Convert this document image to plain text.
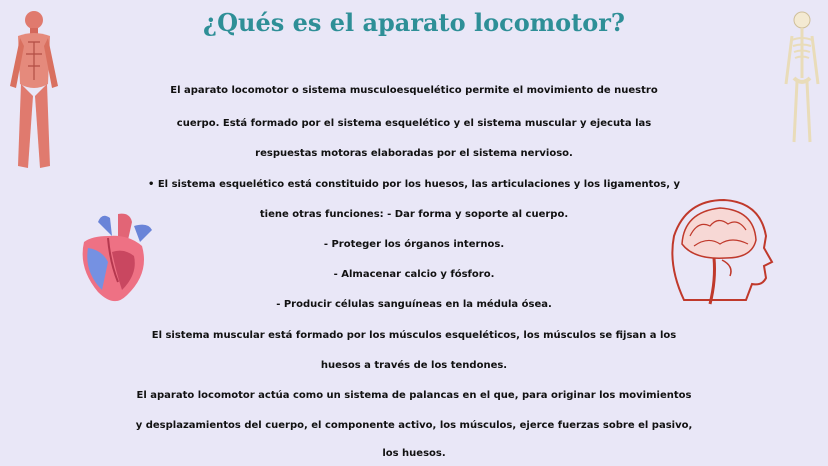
¿Qués es el aparato locomotor?
El aparato locomotor o sistema musculoesquelético permite el movimiento de nuestro
cuerpo. Está formado por el sistema esquelético y el sistema muscular y ejecuta las
respuestas motoras elaboradas por el sistema nervioso.
• El sistema esquelético está constituido por los huesos, las articulaciones y los ligamentos, y
tiene otras funciones: - Dar forma y soporte al cuerpo.
- Proteger los órganos internos.
- Almacenar calcio y fósforo.
- Producir células sanguíneas en la médula ósea.
El sistema muscular está formado por los músculos esqueléticos, los músculos se fijsan a los
huesos a través de los tendones.
El aparato locomotor actúa como un sistema de palancas en el que, para originar los movimientos
y desplazamientos del cuerpo, el componente activo, los músculos, ejerce fuerzas sobre el pasivo,
los huesos.
